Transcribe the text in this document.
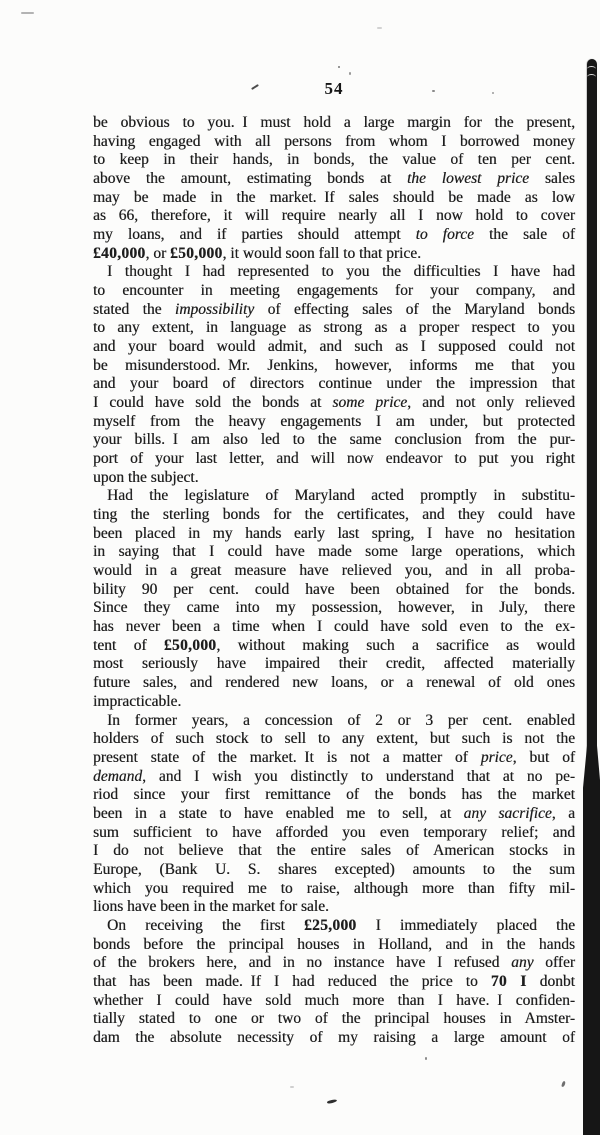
54
be obvious to you. I must hold a large margin for the present,
having engaged with all persons from whom I borrowed money
to keep in their hands, in bonds, the value of ten per cent.
above the amount, estimating bonds at the lowest price sales
may be made in the market. If sales should be made as low
as 66, therefore, it will require nearly all I now hold to cover
my loans, and if parties should attempt to force the sale of
£40,000, or £50,000, it would soon fall to that price.
I thought I had represented to you the difficulties I have had
to encounter in meeting engagements for your company, and
stated the impossibility of effecting sales of the Maryland bonds
to any extent, in language as strong as a proper respect to you
and your board would admit, and such as I supposed could not
be misunderstood. Mr. Jenkins, however, informs me that you
and your board of directors continue under the impression that
I could have sold the bonds at some price, and not only relieved
myself from the heavy engagements I am under, but protected
your bills. I am also led to the same conclusion from the pur-
port of your last letter, and will now endeavor to put you right
upon the subject.
Had the legislature of Maryland acted promptly in substitu-
ting the sterling bonds for the certificates, and they could have
been placed in my hands early last spring, I have no hesitation
in saying that I could have made some large operations, which
would in a great measure have relieved you, and in all proba-
bility 90 per cent. could have been obtained for the bonds.
Since they came into my possession, however, in July, there
has never been a time when I could have sold even to the ex-
tent of £50,000, without making such a sacrifice as would
most seriously have impaired their credit, affected materially
future sales, and rendered new loans, or a renewal of old ones
impracticable.
In former years, a concession of 2 or 3 per cent. enabled
holders of such stock to sell to any extent, but such is not the
present state of the market. It is not a matter of price, but of
demand, and I wish you distinctly to understand that at no pe-
riod since your first remittance of the bonds has the market
been in a state to have enabled me to sell, at any sacrifice, a
sum sufficient to have afforded you even temporary relief; and
I do not believe that the entire sales of American stocks in
Europe, (Bank U. S. shares excepted) amounts to the sum
which you required me to raise, although more than fifty mil-
lions have been in the market for sale.
On receiving the first £25,000 I immediately placed the
bonds before the principal houses in Holland, and in the hands
of the brokers here, and in no instance have I refused any offer
that has been made. If I had reduced the price to 70 I donbt
whether I could have sold much more than I have. I confiden-
tially stated to one or two of the principal houses in Amster-
dam the absolute necessity of my raising a large amount of
